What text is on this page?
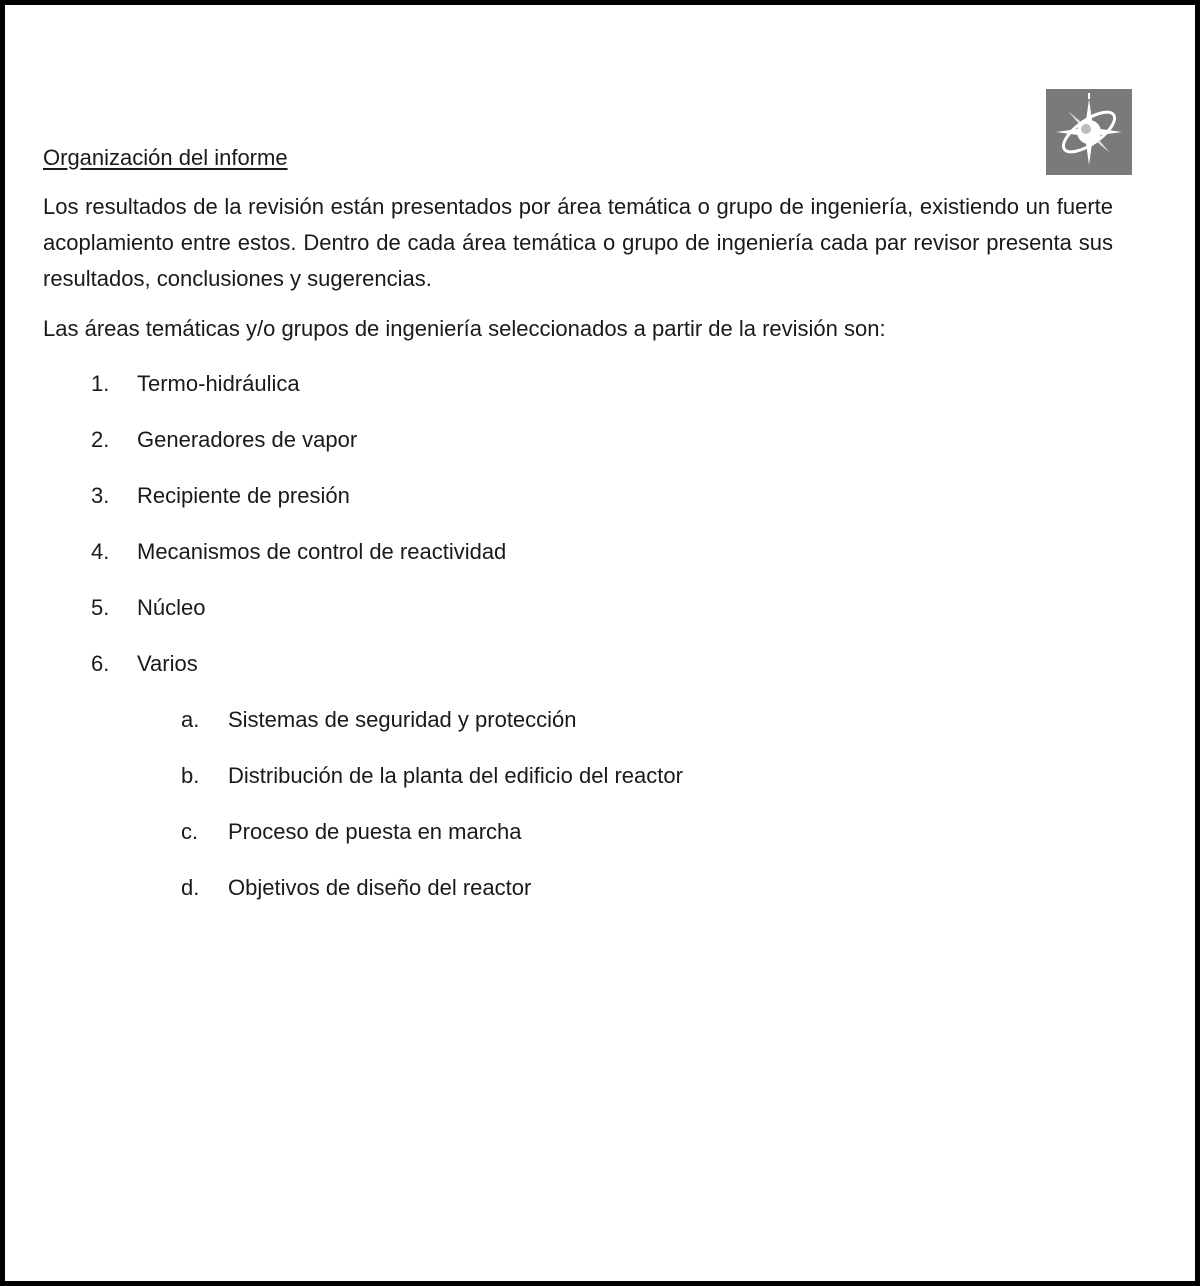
Organización del informe

Los resultados de la revisión están presentados por área temática o grupo de ingeniería, existiendo un fuerte acoplamiento entre estos. Dentro de cada área temática o grupo de ingeniería cada par revisor presenta sus resultados, conclusiones y sugerencias.

Las áreas temáticas y/o grupos de ingeniería seleccionados a partir de la revisión son:

1.	Termo-hidráulica
2.	Generadores de vapor
3.	Recipiente de presión
4.	Mecanismos de control de reactividad
5.	Núcleo
6.	Varios
a.	Sistemas de seguridad y protección
b.	Distribución de la planta del edificio del reactor
c.	Proceso de puesta en marcha
d.	Objetivos de diseño del reactor
